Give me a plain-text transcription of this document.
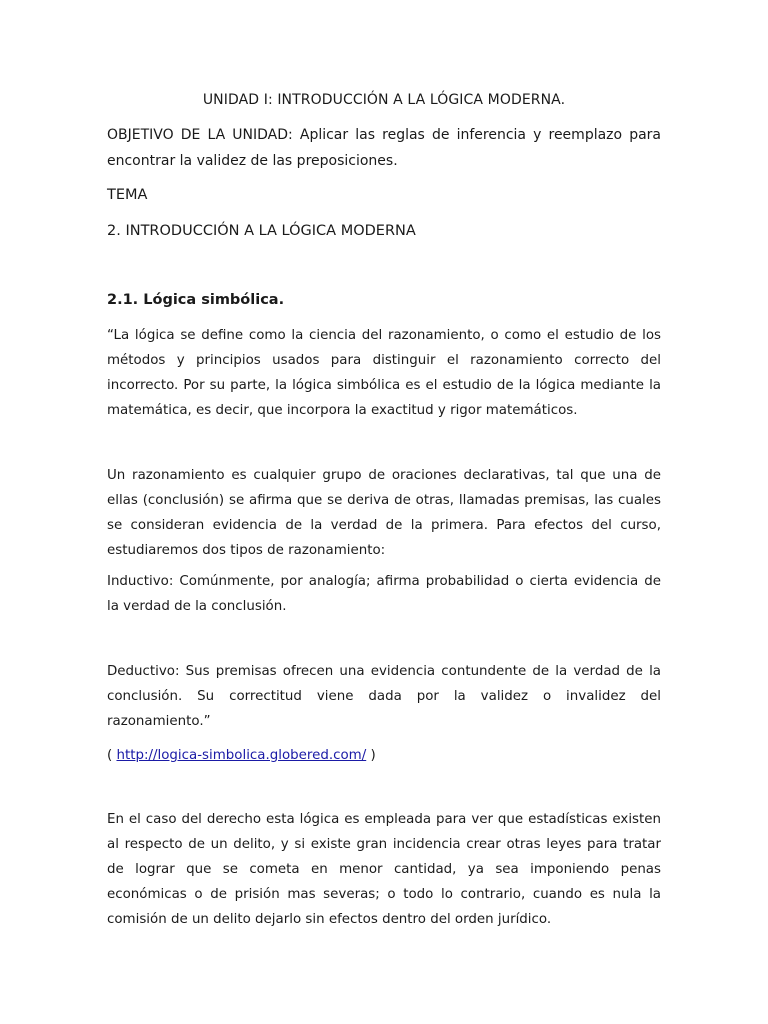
UNIDAD I: INTRODUCCIÓN A LA LÓGICA MODERNA.

OBJETIVO DE LA UNIDAD: Aplicar las reglas de inferencia y reemplazo para encontrar la validez de las preposiciones.

TEMA
2. INTRODUCCIÓN A LA LÓGICA MODERNA
2.1. Lógica simbólica.

“La lógica se define como la ciencia del razonamiento, o como el estudio de los métodos y principios usados para distinguir el razonamiento correcto del incorrecto. Por su parte, la lógica simbólica es el estudio de la lógica mediante la matemática, es decir, que incorpora la exactitud y rigor matemáticos.

Un razonamiento es cualquier grupo de oraciones declarativas, tal que una de ellas (conclusión) se afirma que se deriva de otras, llamadas premisas, las cuales se consideran evidencia de la verdad de la primera. Para efectos del curso, estudiaremos dos tipos de razonamiento:

Inductivo: Comúnmente, por analogía; afirma probabilidad o cierta evidencia de la verdad de la conclusión.

Deductivo: Sus premisas ofrecen una evidencia contundente de la verdad de la conclusión. Su correctitud viene dada por la validez o invalidez del razonamiento.”

( http://logica-simbolica.globered.com/ )

En el caso del derecho esta lógica es empleada para ver que estadísticas existen al respecto de un delito, y si existe gran incidencia crear otras leyes para tratar de lograr que se cometa en menor cantidad, ya sea imponiendo penas económicas o de prisión mas severas; o todo lo contrario, cuando es nula la comisión de un delito dejarlo sin efectos dentro del orden jurídico.
